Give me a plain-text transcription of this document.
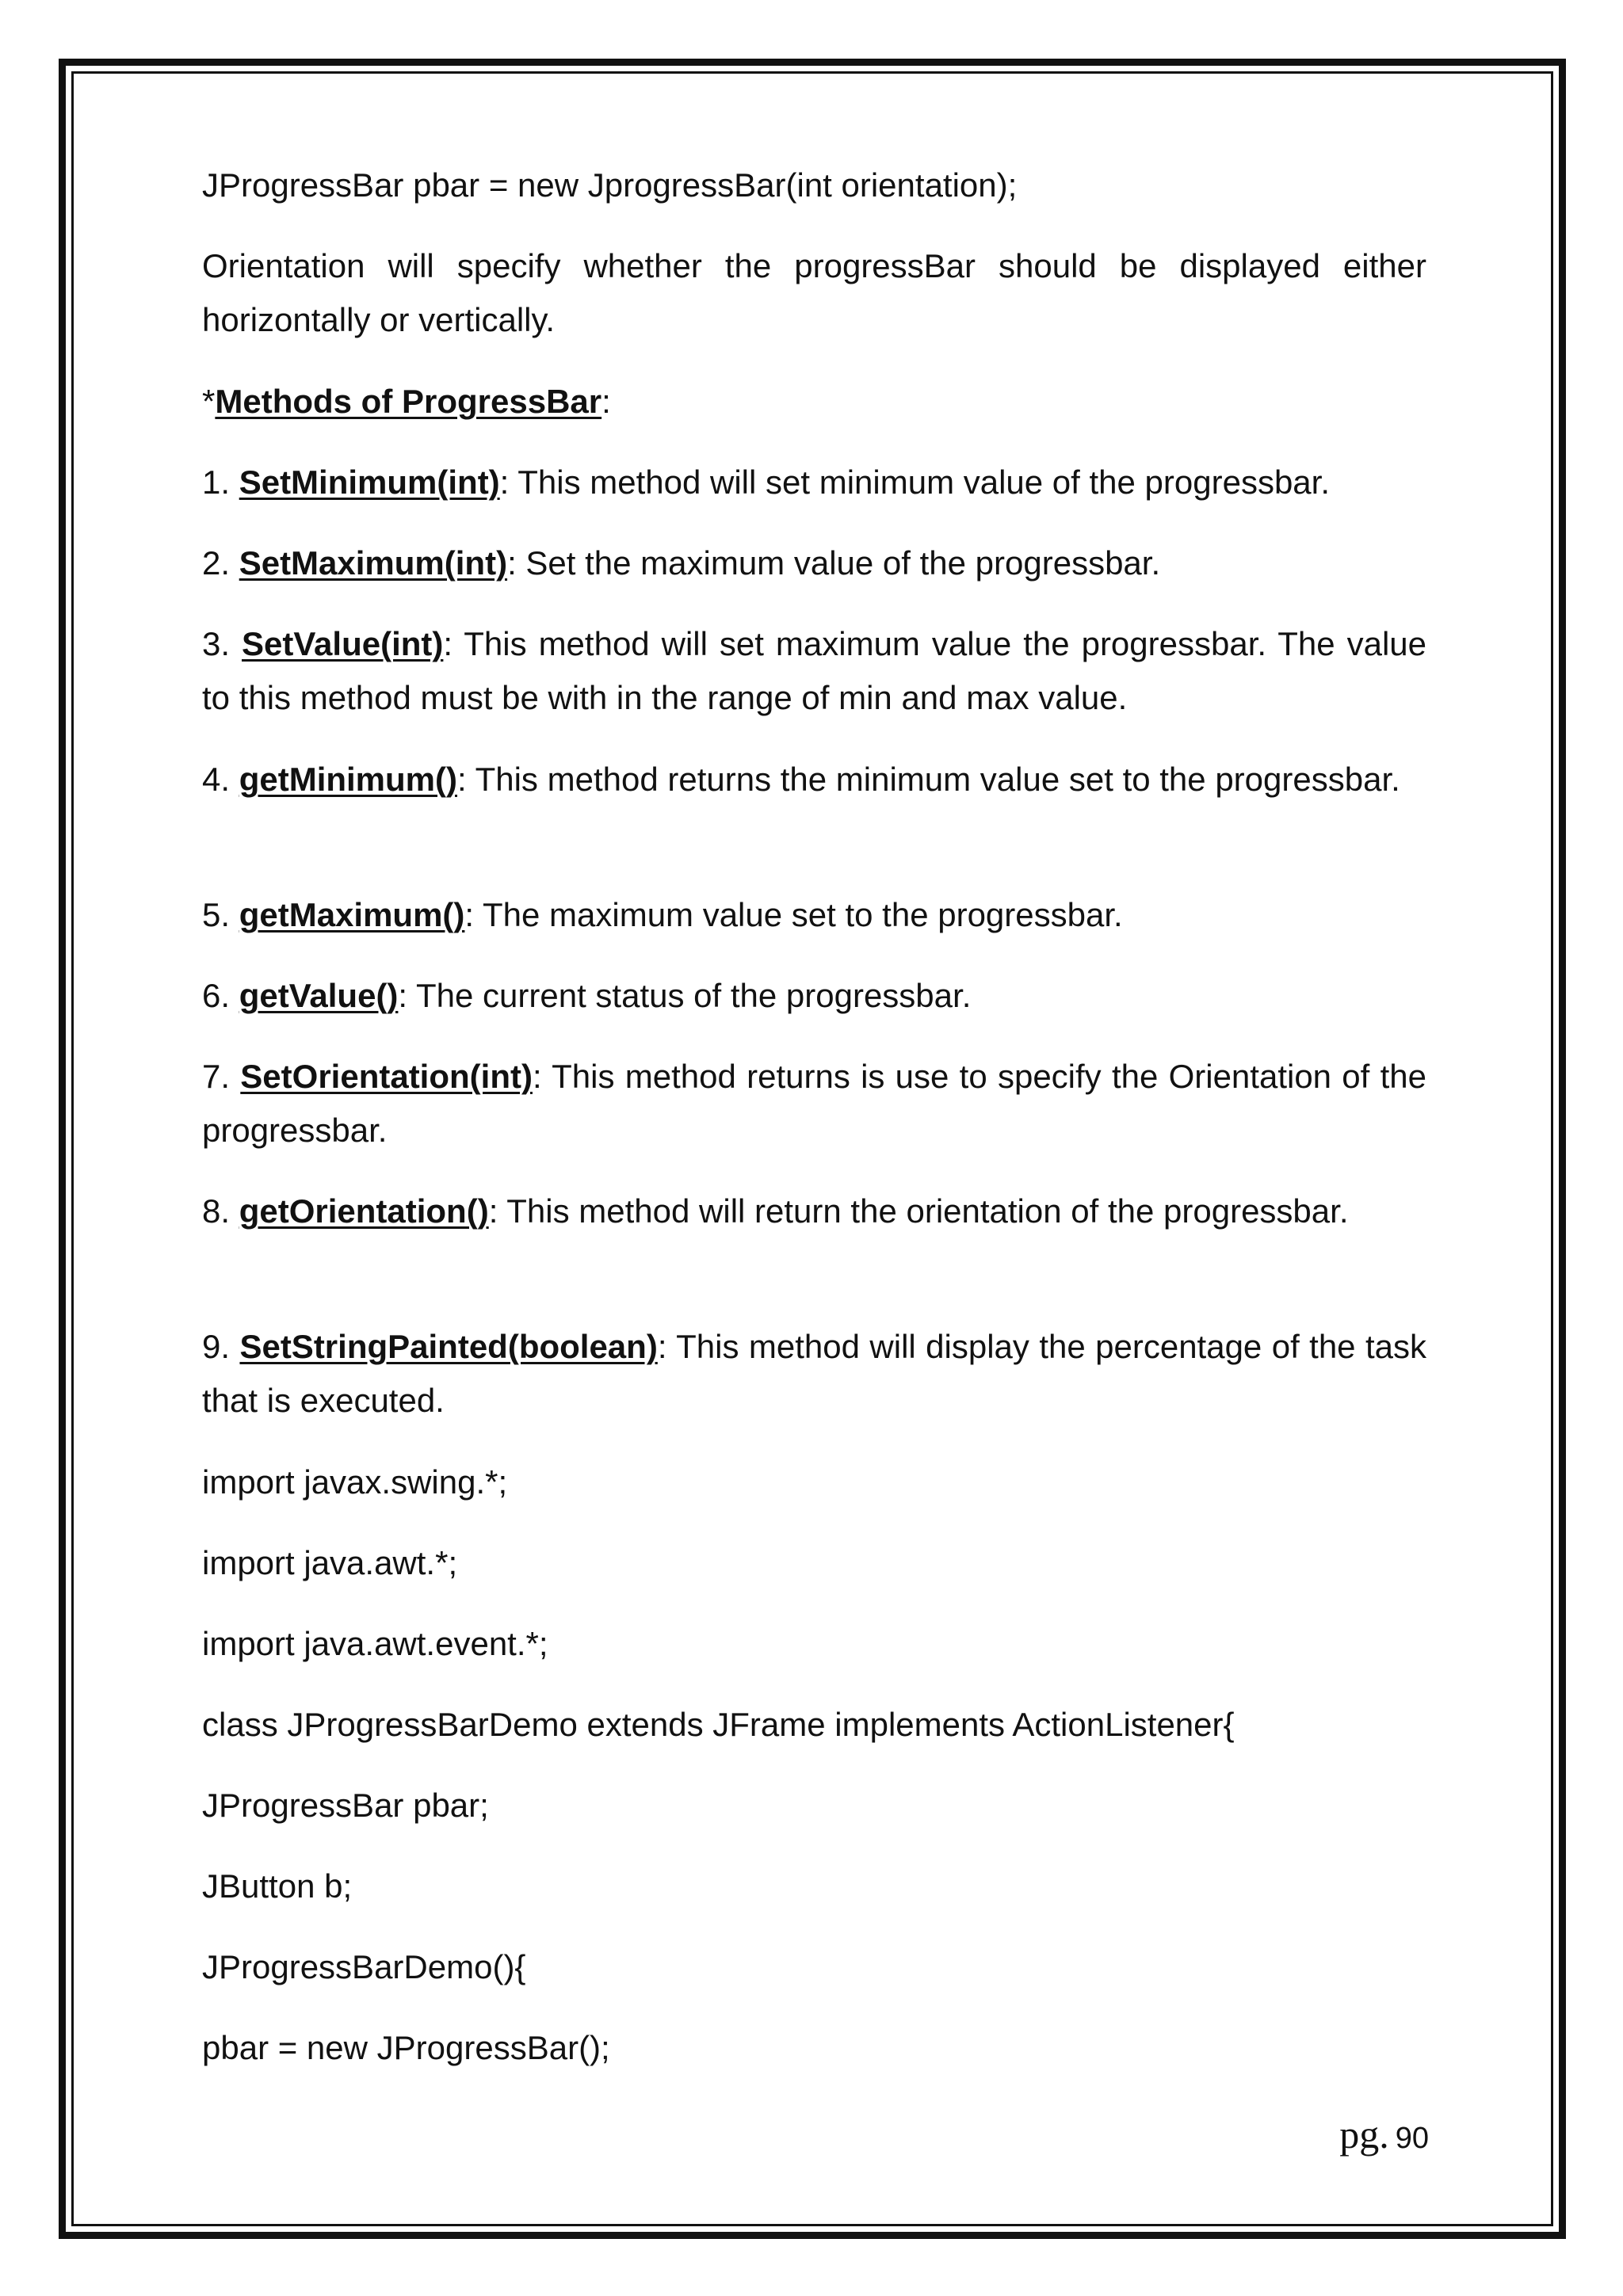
JProgressBar pbar = new JprogressBar(int orientation);

Orientation will specify whether the progressBar should be displayed either horizontally or vertically.

*Methods of ProgressBar:

1. SetMinimum(int): This method will set minimum value of the progressbar.

2. SetMaximum(int): Set the maximum value of the progressbar.

3. SetValue(int): This method will set maximum value the progressbar. The value to this method must be with in the range of min and max value.

4. getMinimum(): This method returns the minimum value set to the progressbar.

5. getMaximum(): The maximum value set to the progressbar.

6. getValue(): The current status of the progressbar.

7. SetOrientation(int): This method returns is use to specify the Orientation of the progressbar.

8. getOrientation(): This method will return the orientation of the progressbar.

9. SetStringPainted(boolean): This method will display the percentage of the task that is executed.

import javax.swing.*;

import java.awt.*;

import java.awt.event.*;

class JProgressBarDemo extends JFrame implements ActionListener{

JProgressBar pbar;

JButton b;

JProgressBarDemo(){

pbar = new JProgressBar();

pg. 90
